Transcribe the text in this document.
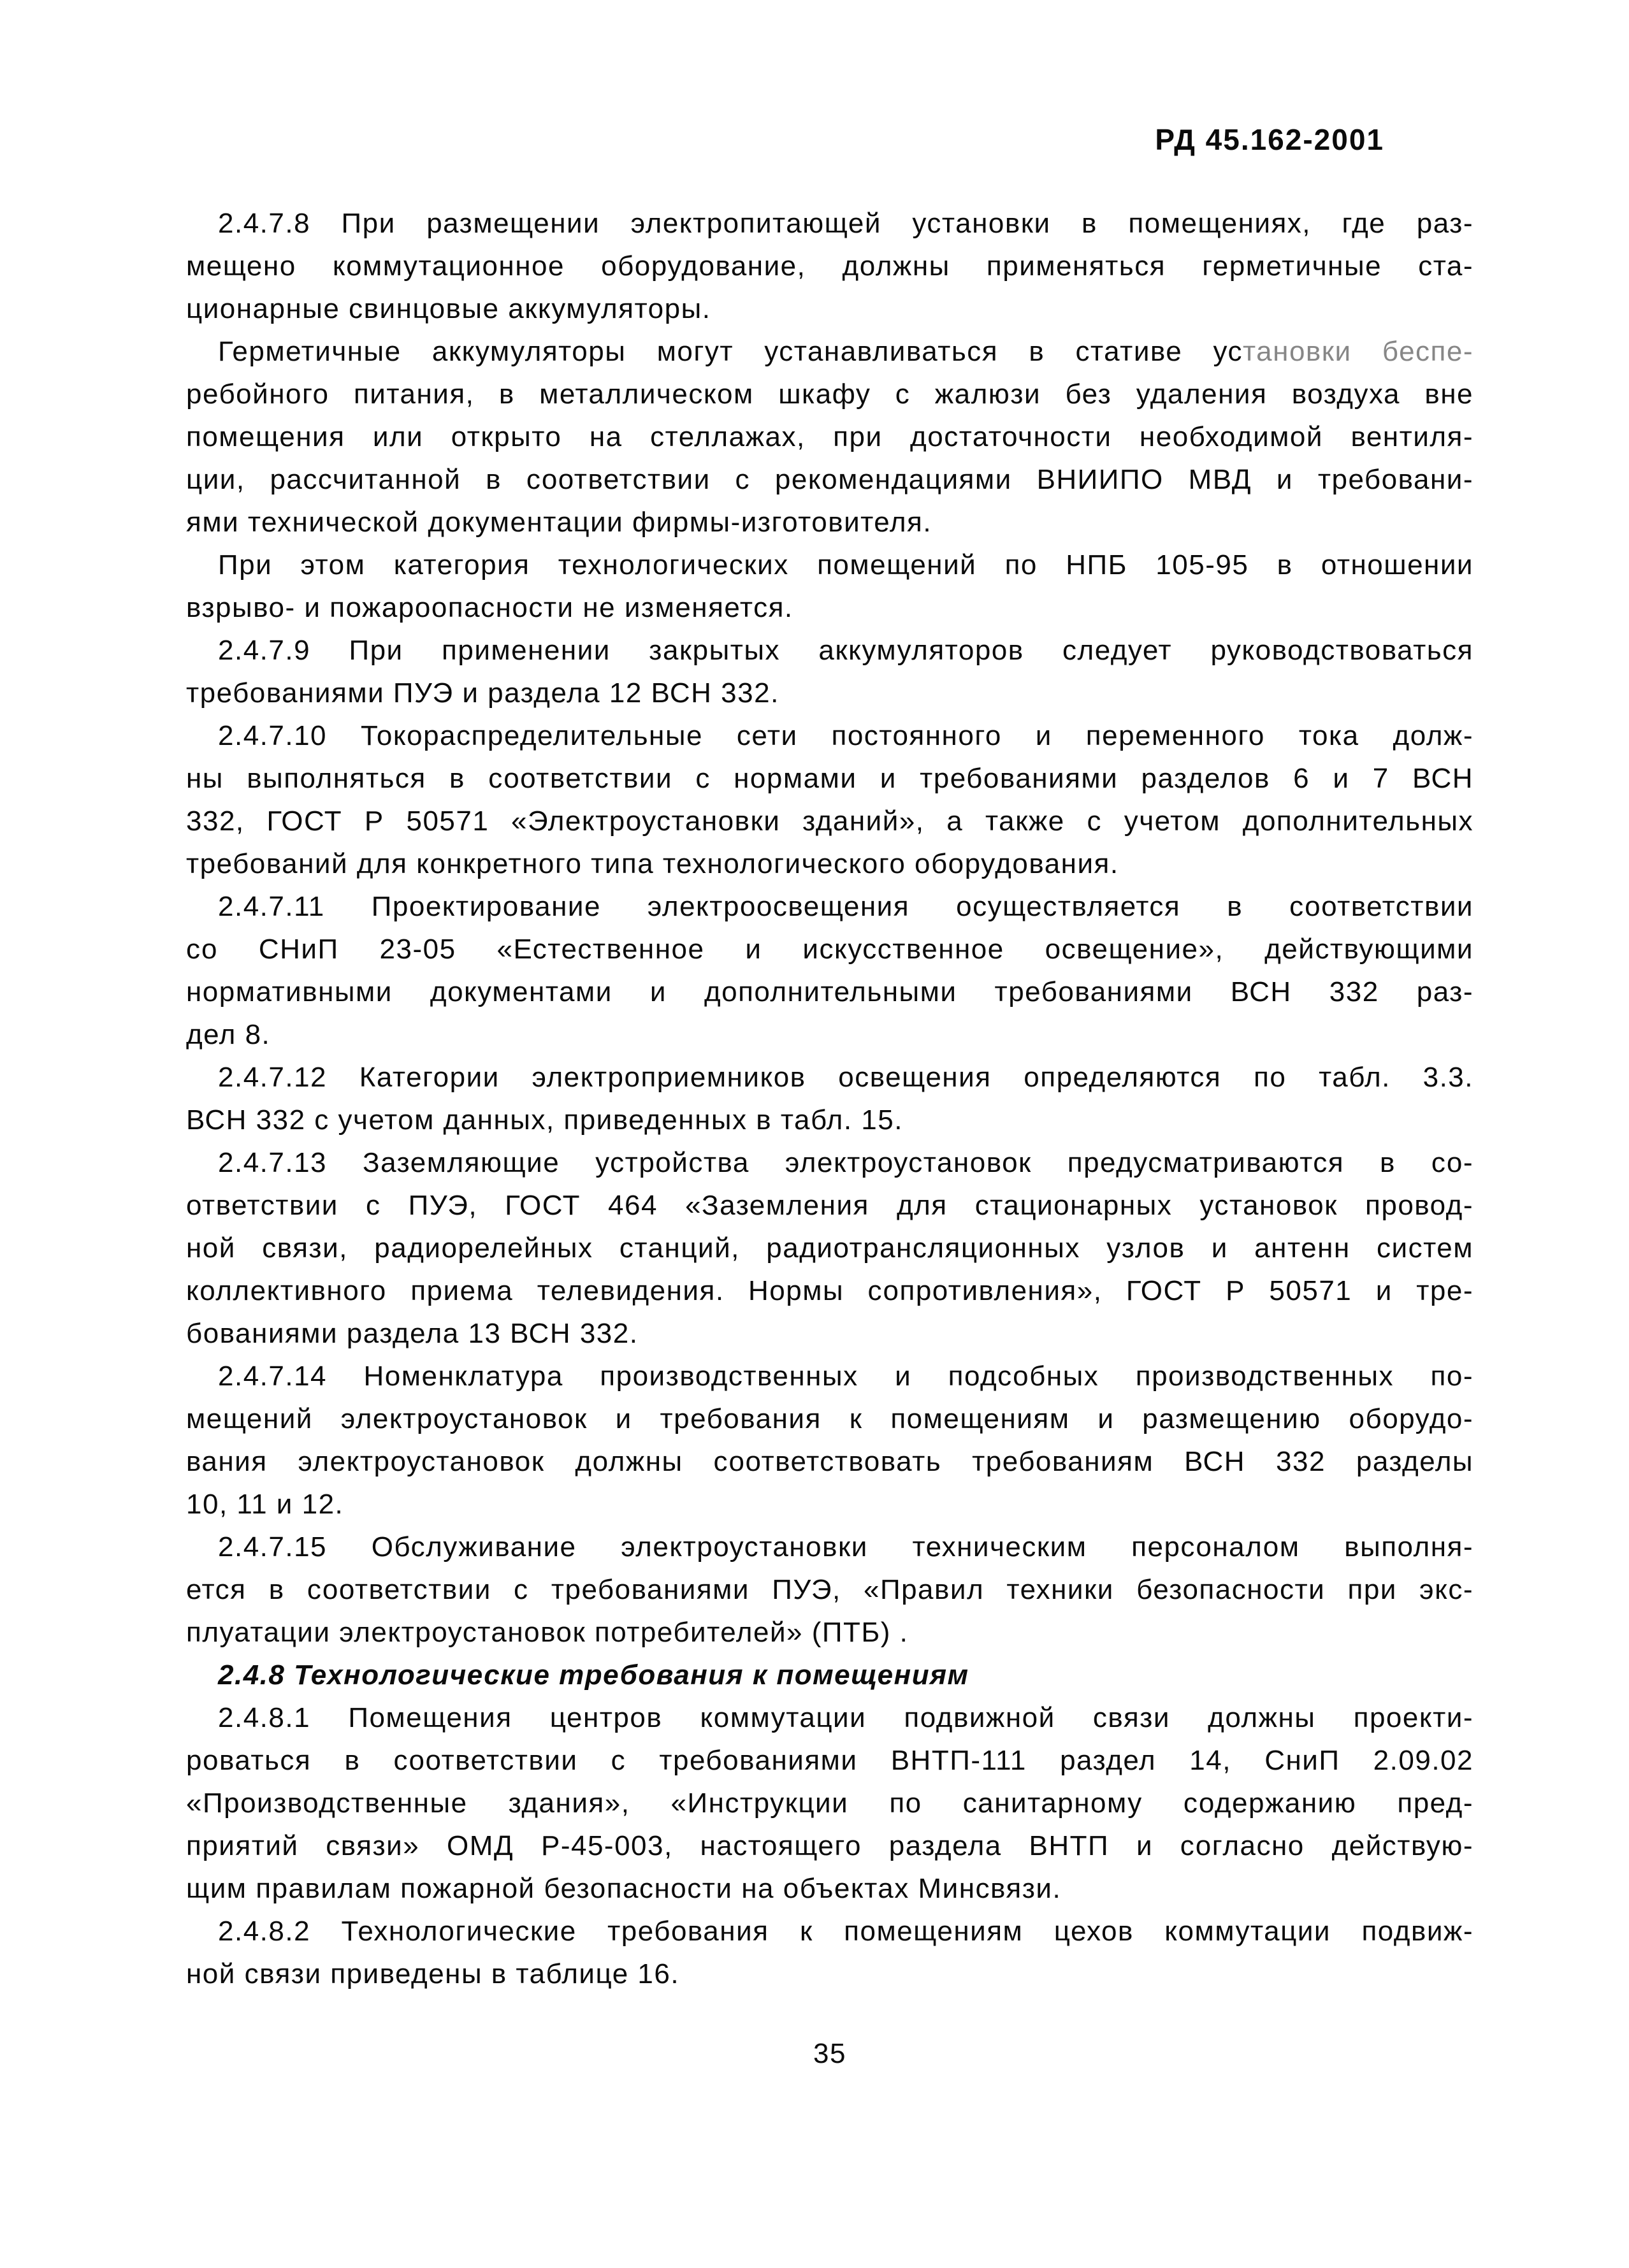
РД 45.162-2001
2.4.7.8 При размещении электропитающей установки в помещениях, где раз-
мещено коммутационное оборудование, должны применяться герметичные ста-
ционарные свинцовые аккумуляторы.
Герметичные аккумуляторы могут устанавливаться в стативе установки беспе-
ребойного питания, в металлическом шкафу с жалюзи без удаления воздуха вне
помещения или открыто на стеллажах, при достаточности необходимой вентиля-
ции, рассчитанной в соответствии с рекомендациями ВНИИПО МВД и требовани-
ями технической документации фирмы-изготовителя.
При этом категория технологических помещений по НПБ 105-95 в отношении
взрыво- и пожароопасности не изменяется.
2.4.7.9 При применении закрытых аккумуляторов следует руководствоваться
требованиями ПУЭ и раздела 12 ВСН 332.
2.4.7.10 Токораспределительные сети постоянного и переменного тока долж-
ны выполняться в соответствии с нормами и требованиями разделов 6 и 7 ВСН
332, ГОСТ Р 50571 «Электроустановки зданий», а также с учетом дополнительных
требований для конкретного типа технологического оборудования.
2.4.7.11 Проектирование электроосвещения осуществляется в соответствии
со СНиП 23-05 «Естественное и искусственное освещение», действующими
нормативными документами и дополнительными требованиями ВСН 332 раз-
дел 8.
2.4.7.12 Категории электроприемников освещения определяются по табл. 3.3.
ВСН 332 с учетом данных, приведенных в табл. 15.
2.4.7.13 Заземляющие устройства электроустановок предусматриваются в со-
ответствии с ПУЭ, ГОСТ 464 «Заземления для стационарных установок провод-
ной связи, радиорелейных станций, радиотрансляционных узлов и антенн систем
коллективного приема телевидения. Нормы сопротивления», ГОСТ Р 50571 и тре-
бованиями раздела 13 ВСН 332.
2.4.7.14 Номенклатура производственных и подсобных производственных по-
мещений электроустановок и требования к помещениям и размещению оборудо-
вания электроустановок должны соответствовать требованиям ВСН 332 разделы
10, 11 и 12.
2.4.7.15 Обслуживание электроустановки техническим персоналом выполня-
ется в соответствии с требованиями ПУЭ, «Правил техники безопасности при экс-
плуатации электроустановок потребителей» (ПТБ) .
2.4.8 Технологические требования к помещениям
2.4.8.1 Помещения центров коммутации подвижной связи должны проекти-
роваться в соответствии с требованиями ВНТП-111 раздел 14, СниП 2.09.02
«Производственные здания», «Инструкции по санитарному содержанию пред-
приятий связи» ОМД Р-45-003, настоящего раздела ВНТП и согласно действую-
щим правилам пожарной безопасности на объектах Минсвязи.
2.4.8.2 Технологические требования к помещениям цехов коммутации подвиж-
ной связи приведены в таблице 16.
35
